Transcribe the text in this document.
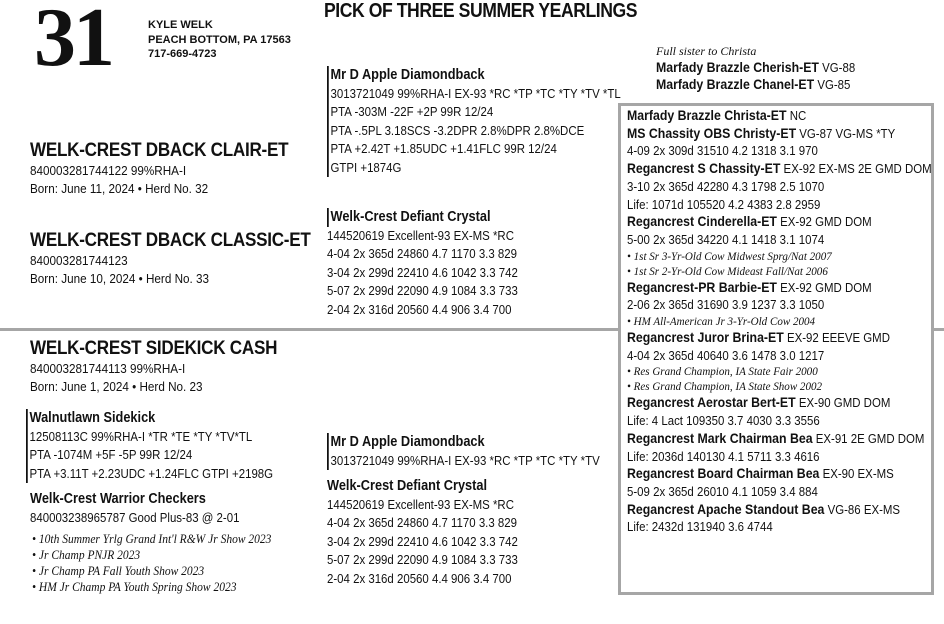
31	KYLE WELK
PEACH BOTTOM, PA 17563
717-669-4723
PICK OF THREE SUMMER YEARLINGS
WELK-CREST DBACK CLAIR-ET
840003281744122 99%RHA-I
Born: June 11, 2024 • Herd No. 32
WELK-CREST DBACK CLASSIC-ET
840003281744123
Born: June 10, 2024 • Herd No. 33
WELK-CREST SIDEKICK CASH
840003281744113 99%RHA-I
Born: June 1, 2024 • Herd No. 23
Mr D Apple Diamondback
3013721049 99%RHA-I EX-93 *RC *TP *TC *TY *TV *TL
PTA -303M -22F +2P 99R 12/24
PTA -.5PL 3.18SCS -3.2DPR 2.8%DPR 2.8%DCE
PTA +2.42T +1.85UDC +1.41FLC 99R 12/24
GTPI +1874G
Welk-Crest Defiant Crystal
144520619 Excellent-93 EX-MS *RC
4-04 2x 365d 24860 4.7 1170 3.3 829
3-04 2x 299d 22410 4.6 1042 3.3 742
5-07 2x 299d 22090 4.9 1084 3.3 733
2-04 2x 316d 20560 4.4 906 3.4 700
Walnutlawn Sidekick
12508113C 99%RHA-I *TR *TE *TY *TV*TL
PTA -1074M +5F -5P 99R 12/24
PTA +3.11T +2.23UDC +1.24FLC GTPI +2198G
Welk-Crest Warrior Checkers
840003238965787 Good Plus-83 @ 2-01
• 10th Summer Yrlg Grand Int'l R&W Jr Show 2023
• Jr Champ PNJR 2023
• Jr Champ PA Fall Youth Show 2023
• HM Jr Champ PA Youth Spring Show 2023
Mr D Apple Diamondback
3013721049 99%RHA-I EX-93 *RC *TP *TC *TY *TV
Welk-Crest Defiant Crystal
144520619 Excellent-93 EX-MS *RC
4-04 2x 365d 24860 4.7 1170 3.3 829
3-04 2x 299d 22410 4.6 1042 3.3 742
5-07 2x 299d 22090 4.9 1084 3.3 733
2-04 2x 316d 20560 4.4 906 3.4 700
Full sister to Christa
Marfady Brazzle Cherish-ET VG-88
Marfady Brazzle Chanel-ET VG-85
Marfady Brazzle Christa-ET NC
MS Chassity OBS Christy-ET VG-87 VG-MS *TY
4-09 2x 309d 31510 4.2 1318 3.1 970
Regancrest S Chassity-ET EX-92 EX-MS 2E GMD DOM
3-10 2x 365d 42280 4.3 1798 2.5 1070
Life: 1071d 105520 4.2 4383 2.8 2959
Regancrest Cinderella-ET EX-92 GMD DOM
5-00 2x 365d 34220 4.1 1418 3.1 1074
• 1st Sr 3-Yr-Old Cow Midwest Sprg/Nat 2007
• 1st Sr 2-Yr-Old Cow Mideast Fall/Nat 2006
Regancrest-PR Barbie-ET EX-92 GMD DOM
2-06 2x 365d 31690 3.9 1237 3.3 1050
• HM All-American Jr 3-Yr-Old Cow 2004
Regancrest Juror Brina-ET EX-92 EEEVE GMD
4-04 2x 365d 40640 3.6 1478 3.0 1217
• Res Grand Champion, IA State Fair 2000
• Res Grand Champion, IA State Show 2002
Regancrest Aerostar Bert-ET EX-90 GMD DOM
Life: 4 Lact 109350 3.7 4030 3.3 3556
Regancrest Mark Chairman Bea EX-91 2E GMD DOM
Life: 2036d 140130 4.1 5711 3.3 4616
Regancrest Board Chairman Bea EX-90 EX-MS
5-09 2x 365d 26010 4.1 1059 3.4 884
Regancrest Apache Standout Bea VG-86 EX-MS
Life: 2432d 131940 3.6 4744
